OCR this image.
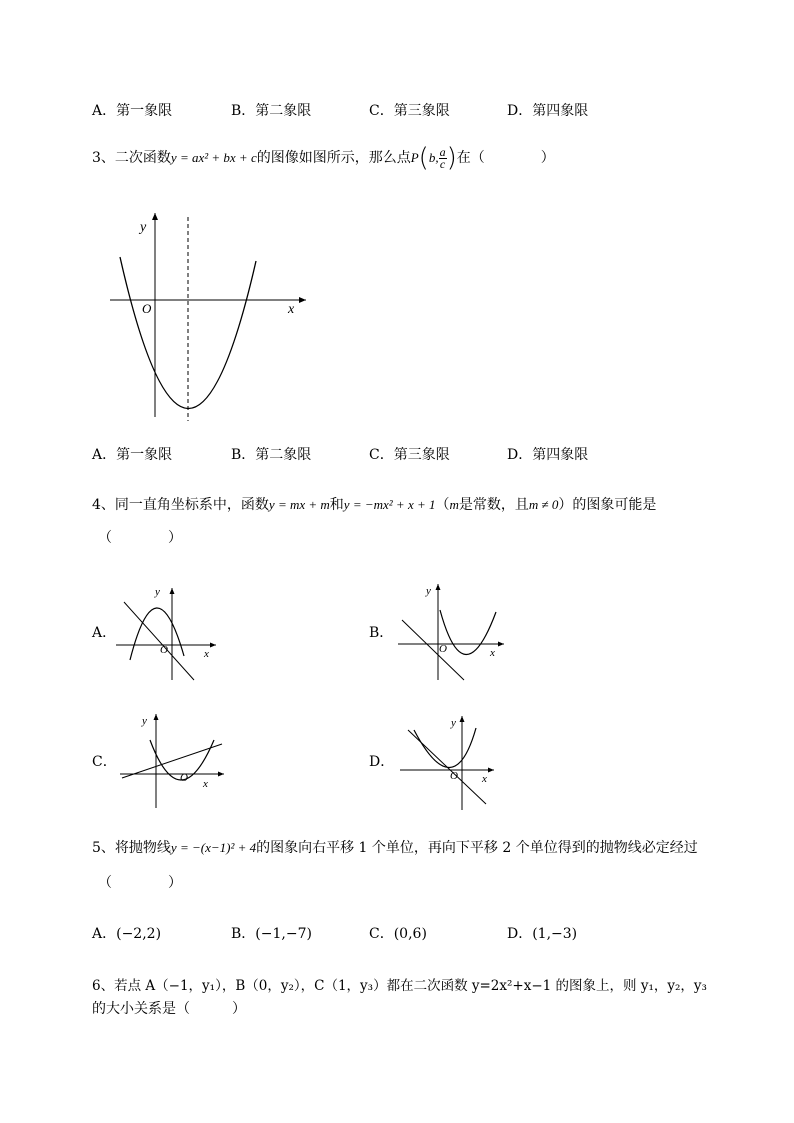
A．第一象限	B．第二象限	C．第三象限	D．第四象限
3、二次函数y = ax² + bx + c的图像如图所示，那么点P(b, $\frac{a}{c}$ )在（　　　　）
y
x
O
A．第一象限	B．第二象限	C．第三象限	D．第四象限
4、同一直角坐标系中，函数y = mx + m和y = −mx² + x + 1（m是常数，且m ≠ 0）的图象可能是
（　　　　）
A．
y
x
O
B．
y
x
O
C．
y
x
O
D．
y
x
O
5、将抛物线y = −(x−1)² + 4的图象向右平移 1 个单位，再向下平移 2 个单位得到的抛物线必定经过
（　　　　）
A．(−2,2)	B．(−1,−7)	C．(0,6)	D．(1,−3)
6、若点 A（−1，y₁），B（0，y₂），C（1，y₃）都在二次函数 y=2x²+x−1 的图象上，则 y₁，y₂，y₃
的大小关系是（　　　）
